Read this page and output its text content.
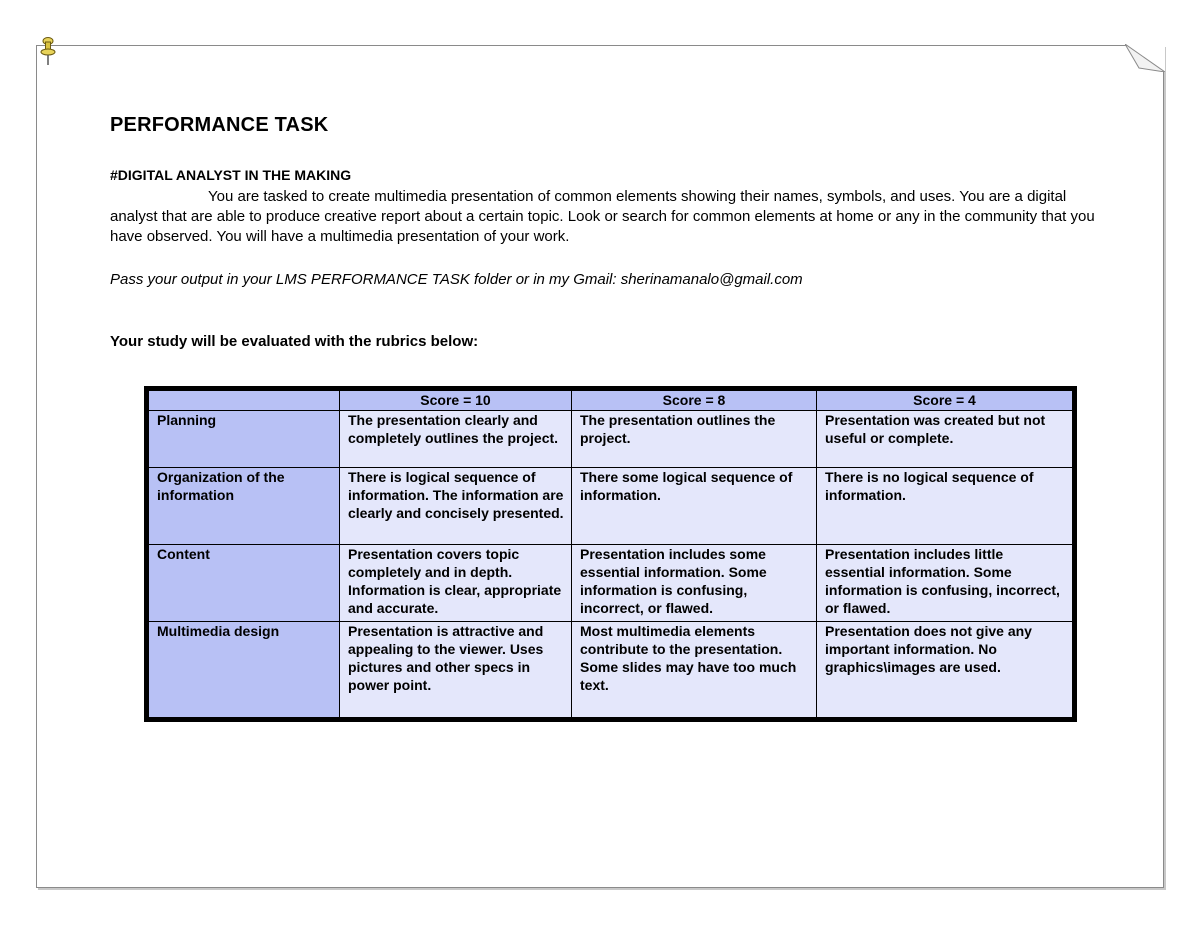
PERFORMANCE TASK
#DIGITAL ANALYST IN THE MAKING

You are tasked to create multimedia presentation of common elements showing their names, symbols, and uses. You are a digital analyst that are able to produce creative report about a certain topic. Look or search for common elements at home or any in the community that you have observed. You will have a multimedia presentation of your work.

Pass your output in your LMS PERFORMANCE TASK folder or in my Gmail: sherinamanalo@gmail.com

Your study will be evaluated with the rubrics below:

	Score = 10	Score = 8	Score = 4
Planning	The presentation clearly and completely outlines the project.	The presentation outlines the project.	Presentation was created but not useful or complete.
Organization of the information	There is logical sequence of information. The information are clearly and concisely presented.	There some logical sequence of information.	There is no logical sequence of information.
Content	Presentation covers topic completely and in depth. Information is clear, appropriate and accurate.	Presentation includes some essential information. Some information is confusing, incorrect, or flawed.	Presentation includes little essential information. Some information is confusing, incorrect, or flawed.
Multimedia design	Presentation is attractive and appealing to the viewer. Uses pictures and other specs in power point.	Most multimedia elements contribute to the presentation. Some slides may have too much text.	Presentation does not give any important information. No graphics\images are used.
